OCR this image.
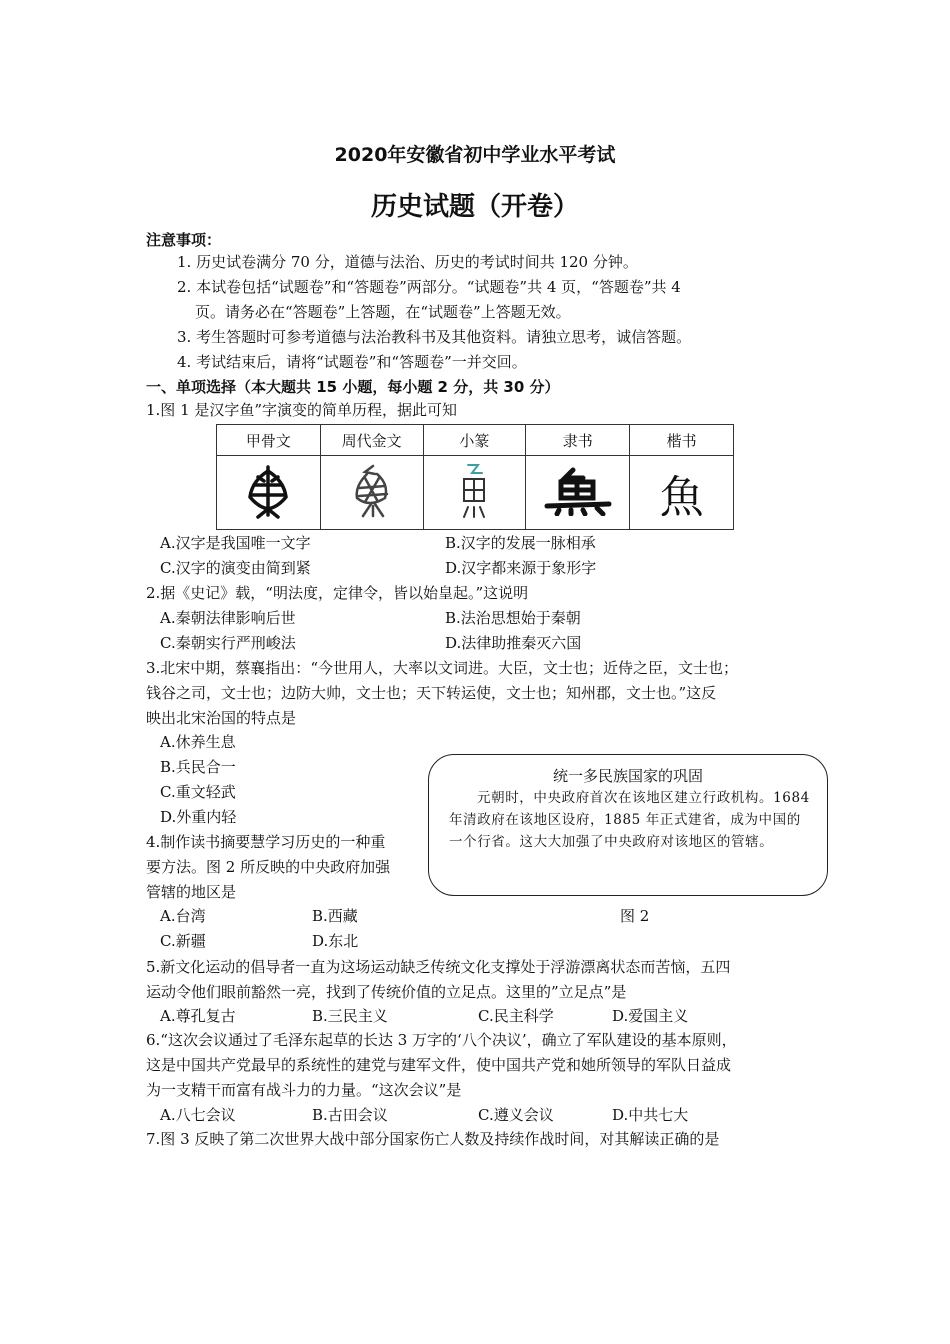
2020年安徽省初中学业水平考试
历史试题（开卷）
注意事项：
1. 历史试卷满分 70 分，道德与法治、历史的考试时间共 120 分钟。
2. 本试卷包括“试题卷”和“答题卷”两部分。“试题卷”共 4 页，“答题卷”共 4
页。请务必在“答题卷”上答题，在“试题卷”上答题无效。
3. 考生答题时可参考道德与法治教科书及其他资料。请独立思考，诚信答题。
4. 考试结束后，请将“试题卷”和“答题卷”一并交回。
一、单项选择（本大题共 15 小题，每小题 2 分，共 30 分）
1.图 1 是汉字鱼”字演变的简单历程，据此可知
甲骨文	周代金文	小篆	隶书	楷书
				魚
A.汉字是我国唯一文字	B.汉字的发展一脉相承
C.汉字的演变由简到紧	D.汉字都来源于象形字
2.据《史记》载，“明法度，定律令，皆以始皇起。”这说明
A.秦朝法律影响后世	B.法治思想始于秦朝
C.秦朝实行严刑峻法	D.法律助推秦灭六国
3.北宋中期，蔡襄指出：“今世用人，大率以文词进。大臣，文士也；近侍之臣，文士也；
钱谷之司，文士也；边防大帅，文士也；天下转运使，文士也；知州郡，文士也。”这反
映出北宋治国的特点是
A.休养生息
B.兵民合一
C.重文轻武
D.外重内轻
统一多民族国家的巩固
元朝时，中央政府首次在该地区建立行政机构。1684 年清政府在该地区设府，1885 年正式建省，成为中国的一个行省。这大大加强了中央政府对该地区的管辖。
图 2
4.制作读书摘要慧学习历史的一种重
要方法。图 2 所反映的中央政府加强
管辖的地区是
A.台湾	B.西藏
C.新疆	D.东北
5.新文化运动的倡导者一直为这场运动缺乏传统文化支撑处于浮游漂离状态而苦恼，五四
运动令他们眼前豁然一亮，找到了传统价值的立足点。这里的”立足点”是
A.尊孔复古	B.三民主义	C.民主科学	D.爱国主义
6.“这次会议通过了毛泽东起草的长达 3 万字的‘八个决议’，确立了军队建设的基本原则，
这是中国共产党最早的系统性的建党与建军文件，使中国共产党和她所领导的军队日益成
为一支精干而富有战斗力的力量。“这次会议”是
A.八七会议	B.古田会议	C.遵义会议	D.中共七大
7.图 3 反映了第二次世界大战中部分国家伤亡人数及持续作战时间，对其解读正确的是
